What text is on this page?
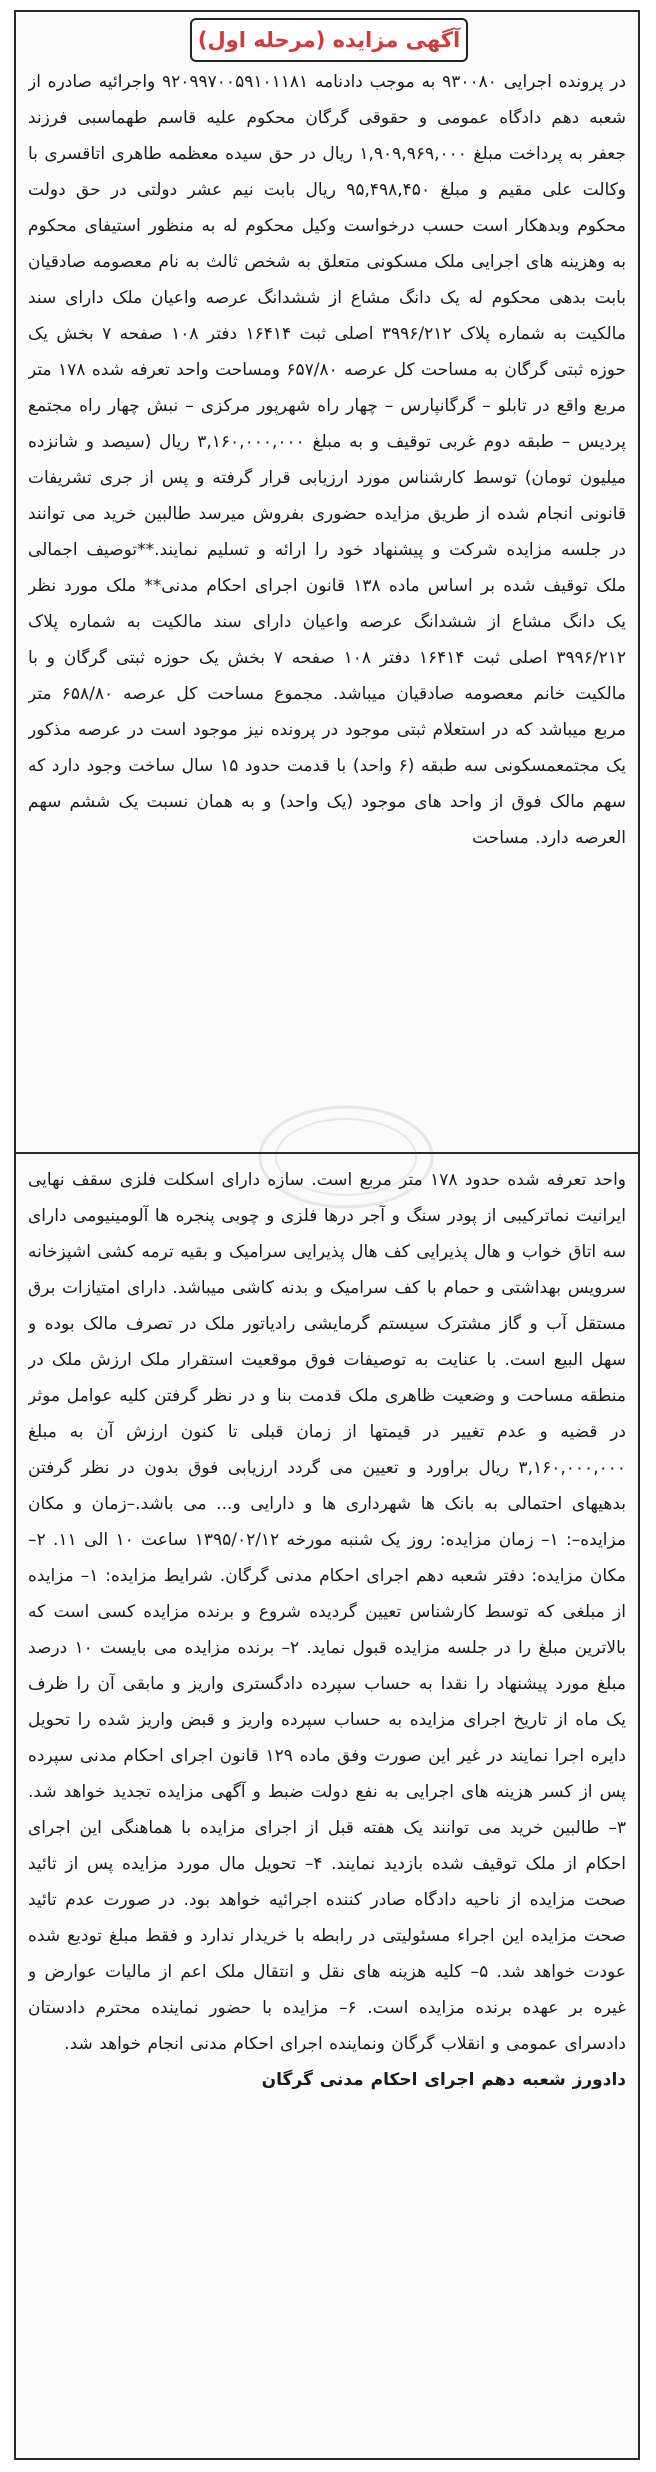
آگهی مزایده (مرحله اول)

در پرونده اجرایی ۹۳۰۰۸۰ به موجب دادنامه ۹۲۰۹۹۷۰۰۵۹۱۰۱۱۸۱ واجرائیه صادره از شعبه دهم دادگاه عمومی و حقوقی گرگان محکوم علیه قاسم طهماسبی فرزند جعفر به پرداخت مبلغ ۱,۹۰۹,۹۶۹,۰۰۰ ریال در حق سیده معظمه طاهری اتاقسری با وکالت علی مقیم و مبلغ ۹۵,۴۹۸,۴۵۰ ریال بابت نیم عشر دولتی در حق دولت محکوم وبدهکار است حسب درخواست وکیل محکوم له به منظور استیفای محکوم به وهزینه های اجرایی ملک مسکونی متعلق به شخص ثالث به نام معصومه صادقیان بابت بدهی محکوم له یک دانگ مشاع از ششدانگ عرصه واعیان ملک دارای سند مالکیت به شماره پلاک ۳۹۹۶/۲۱۲ اصلی ثبت ۱۶۴۱۴ دفتر ۱۰۸ صفحه ۷ بخش یک حوزه ثبتی گرگان به مساحت کل عرصه ۶۵۷/۸۰ ومساحت واحد تعرفه شده ۱۷۸ متر مربع واقع در تابلو – گرگانپارس – چهار راه شهرپور مرکزی – نبش چهار راه مجتمع پردیس – طبقه دوم غربی توقیف و به مبلغ ۳,۱۶۰,۰۰۰,۰۰۰ ریال (سیصد و شانزده میلیون تومان) توسط کارشناس مورد ارزیابی قرار گرفته و پس از جری تشریفات قانونی انجام شده از طریق مزایده حضوری بفروش میرسد طالبین خرید می توانند در جلسه مزایده شرکت و پیشنهاد خود را ارائه و تسلیم نمایند.**توصیف اجمالی ملک توقیف شده بر اساس ماده ۱۳۸ قانون اجرای احکام مدنی** ملک مورد نظر یک دانگ مشاع از ششدانگ عرصه واعیان دارای سند مالکیت به شماره پلاک ۳۹۹۶/۲۱۲ اصلی ثبت ۱۶۴۱۴ دفتر ۱۰۸ صفحه ۷ بخش یک حوزه ثبتی گرگان و با مالکیت خانم معصومه صادقیان میباشد. مجموع مساحت کل عرصه ۶۵۸/۸۰ متر مربع میباشد که در استعلام ثبتی موجود در پرونده نیز موجود است در عرصه مذکور یک مجتمعمسکونی سه طبقه (۶ واحد) با قدمت حدود ۱۵ سال ساخت وجود دارد که سهم مالک فوق از واحد های موجود (یک واحد) و به همان نسبت یک ششم سهم العرصه دارد. مساحت

واحد تعرفه شده حدود ۱۷۸ متر مربع است. سازه دارای اسکلت فلزی سقف نهایی ایرانیت نماترکیبی از پودر سنگ و آجر درها فلزی و چوبی پنجره ها آلومینیومی دارای سه اتاق خواب و هال پذیرایی کف هال پذیرایی سرامیک و بقیه ترمه کشی اشپزخانه سرویس بهداشتی و حمام با کف سرامیک و بدنه کاشی میباشد. دارای امتیازات برق مستقل آب و گاز مشترک سیستم گرمایشی رادیاتور ملک در تصرف مالک بوده و سهل البیع است. با عنایت به توصیفات فوق موقعیت استقرار ملک ارزش ملک در منطقه مساحت و وضعیت ظاهری ملک قدمت بنا و در نظر گرفتن کلیه عوامل موثر در قضیه و عدم تغییر در قیمتها از زمان قبلی تا کنون ارزش آن به مبلغ ۳,۱۶۰,۰۰۰,۰۰۰ ریال براورد و تعیین می گردد ارزیابی فوق بدون در نظر گرفتن بدهیهای احتمالی به بانک ها شهرداری ها و دارایی و... می باشد.–زمان و مکان مزایده–: ۱– زمان مزایده: روز یک شنبه مورخه ۱۳۹۵/۰۲/۱۲ ساعت ۱۰ الی ۱۱. ۲– مکان مزایده: دفتر شعبه دهم اجرای احکام مدنی گرگان. شرایط مزایده: ۱– مزایده از مبلغی که توسط کارشناس تعیین گردیده شروع و برنده مزایده کسی است که بالاترین مبلغ را در جلسه مزایده قبول نماید. ۲– برنده مزایده می بایست ۱۰ درصد مبلغ مورد پیشنهاد را نقدا به حساب سپرده دادگستری واریز و مابقی آن را ظرف یک ماه از تاریخ اجرای مزایده به حساب سپرده واریز و قبض واریز شده را تحویل دایره اجرا نمایند در غیر این صورت وفق ماده ۱۲۹ قانون اجرای احکام مدنی سپرده پس از کسر هزینه های اجرایی به نفع دولت ضبط و آگهی مزایده تجدید خواهد شد. ۳– طالبین خرید می توانند یک هفته قبل از اجرای مزایده با هماهنگی این اجرای احکام از ملک توقیف شده بازدید نمایند. ۴– تحویل مال مورد مزایده پس از تائید صحت مزایده از ناحیه دادگاه صادر کننده اجرائیه خواهد بود. در صورت عدم تائید صحت مزایده این اجراء مسئولیتی در رابطه با خریدار ندارد و فقط مبلغ تودیع شده عودت خواهد شد. ۵– کلیه هزینه های نقل و انتقال ملک اعم از مالیات عوارض و غیره بر عهده برنده مزایده است. ۶– مزایده با حضور نماینده محترم دادستان دادسرای عمومی و انقلاب گرگان ونماینده اجرای احکام مدنی انجام خواهد شد.

دادورز شعبه دهم اجرای احکام مدنی گرگان
